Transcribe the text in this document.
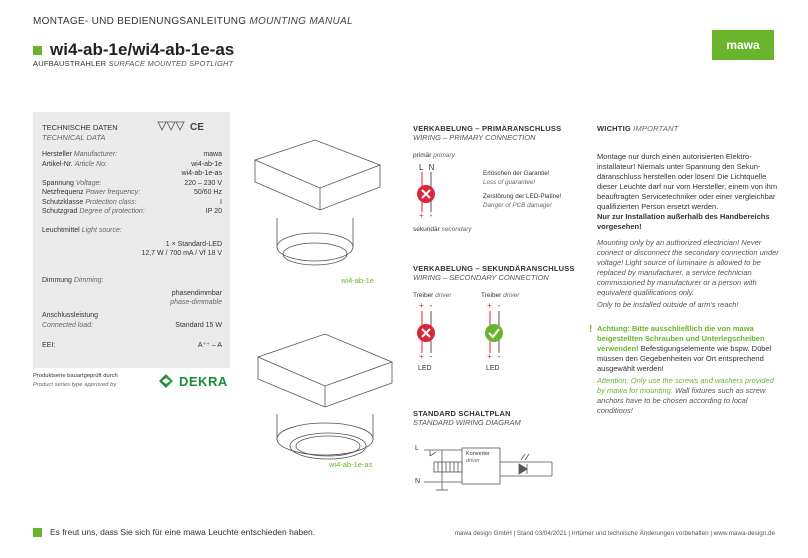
MONTAGE- UND BEDIENUNGSANLEITUNG MOUNTING MANUAL
wi4-ab-1e/wi4-ab-1e-as
AUFBAUSTRAHLER SURFACE MOUNTED SPOTLIGHT
mawa
TECHNISCHE DATEN
TECHNICAL DATA
CE
Hersteller Manufacturer:	mawa
Artikel-Nr. Article No:	wi4-ab-1e
wi4-ab-1e-as
Spannung Voltage:	220 – 230 V
Netzfrequenz Power frequency:	50/60 Hz
Schutzklasse Protection class:	I
Schutzgrad Degree of protection:	IP 20
Leuchtmittel Light source:
1 × Standard-LED
12,7 W / 700 mA / Vf 18 V
Dimmung Dimming:
phasendimmbar
phase-dimmable
Anschlussleistung
Connected load:	Standard 15 W
EEI:	A⁺⁺ – A
Produktserie bauartgeprüft durch
Product series type approved by	DEKRA
wi4-ab-1e
wi4-ab-1e-as
VERKABELUNG – PRIMÄRANSCHLUSS
WIRING – PRIMARY CONNECTION
primär primary
L N
+ -
sekundär secondary
Erlöschen der Garantie!
Loss of guarantee!
Zerstörung der LED-Platine!
Danger of PCB damage!
VERKABELUNG – SEKUNDÄRANSCHLUSS
WIRING – SECONDARY CONNECTION
Treiber driver
+ -
+ -
LED
Treiber driver
+ -
+ -
LED
STANDARD SCHALTPLAN
STANDARD WIRING DIAGRAM
L
N
Konverter
driver
WICHTIG IMPORTANT
Montage nur durch einen autorisierten Elektro-installateur! Niemals unter Spannung den Sekun-däranschluss herstellen oder lösen! Die Lichtquelle dieser Leuchte darf nur vom Hersteller, einem von ihm beauftragten Servicetechniker oder einer vergleichbar qualifizierten Person ersetzt werden.
Nur zur Installation außerhalb des Handbereichs vorgesehen!
Mounting only by an authorized electrician! Never connect or disconnect the secondary connection under voltage! Light source of luminaire is allowed to be replaced by manufacturer, a service technician commissioned by manufacturer or a person with equivalent qualifications only.
Only to be installed outside of arm's reach!
! Achtung: Bitte ausschließlich die von mawa beigestellten Schrauben und Unterlegscheiben verwenden! Befestigungselemente wie bspw. Dübel müssen den Gegebenheiten vor Ort entsprechend ausgewählt werden!
Attention: Only use the screws and washers provided by mawa for mounting. Wall fixtures such as screw anchors have to be chosen according to local conditions!
Es freut uns, dass Sie sich für eine mawa Leuchte entschieden haben.	mawa design GmbH | Stand 03/04/2021 | Irrtümer und technische Änderungen vorbehalten | www.mawa-design.de
